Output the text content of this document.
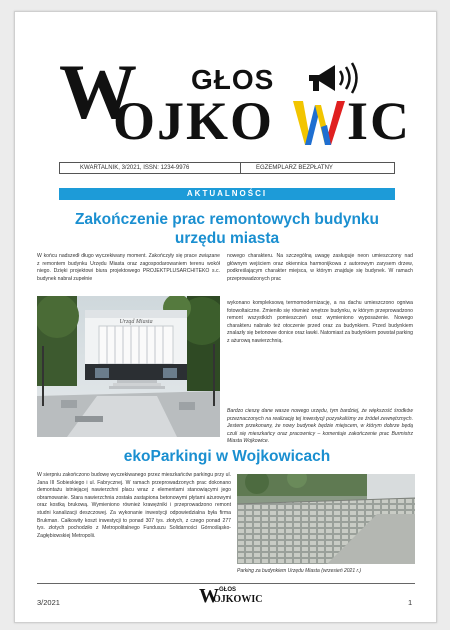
W GŁOS
OJKO IC
KWARTALNIK, 3/2021, ISSN: 1234-9976	EGZEMPLARZ BEZPŁATNY
AKTUALNOŚCI
Zakończenie prac remontowych budynku urzędu miasta
W końcu nadszedł długo wyczekiwany moment. Zakończyły się prace związane z remontem budynku Urzędu Miasta oraz zagospodarowaniem terenu wokół niego. Dzięki projektowi biura projektowego PROJEKTPLUSARCHITEKO s.c. budynek nabrał zupełnie
nowego charakteru. Na szczególną uwagę zasługuje neon umieszczony nad głównym wejściem oraz okiennica harmonijkowa z autorowym zarysem drzew, podkreślającym charakter miejsca, w którym znajduje się budynek. W ramach przeprowadzonych prac
wykonano kompleksową termomodernizację, a na dachu umieszczono ogniwa fotowoltaiczne. Zmieniło się również wnętrze budynku, w którym przeprowadzono remont wszystkich pomieszczeń oraz wymieniono wyposażenie. Nowego charakteru nabrało też otoczenie przed oraz za budynkiem. Przed budynkiem znalazły się betonowe donice oraz ławki. Natomiast za budynkiem powstał parking z ażurową nawierzchnią.
Bardzo cieszę dane wasze nowego urzędu, tym bardziej, że większość środków przeznaczonych na realizację tej inwestycji pozyskaliśmy ze źródeł zewnętrznych. Jestem przekonany, że nowy budynek będzie miejscem, w którym dobrze będą czuli się mieszkańcy oraz pracownicy – komentuje zakończenie prac Burmistrz Miasta Wojkowice.
Urząd Miasta
ekoParkingi w Wojkowicach
W sierpniu zakończono budowę wyczekiwanego przez mieszkańców parkingu przy ul. Jana III Sobieskiego i ul. Fabrycznej. W ramach przeprowadzonych prac dokonano demontażu istniejącej nawierzchni placu wraz z elementami stanowiącymi jego obramowanie. Stara nawierzchnia została zastąpiona betonowymi płytami ażurowymi oraz kostką brukową. Wymieniono również krawężniki i przeprowadzono remont studni kanalizacji deszczowej. Za wykonanie inwestycji odpowiedzialna była firma Brukman. Całkowity koszt inwestycji to ponad 307 tys. złotych, z czego ponad 277 tys. złotych pochodziło z Metropolitalnego Funduszu Solidarności Górnośląsko-Zagłębiowskiej Metropolii.
Parking za budynkiem Urzędu Miasta (wrzesień 2021 r.)
3/2021	W GŁOS
OJKOWIC	1
